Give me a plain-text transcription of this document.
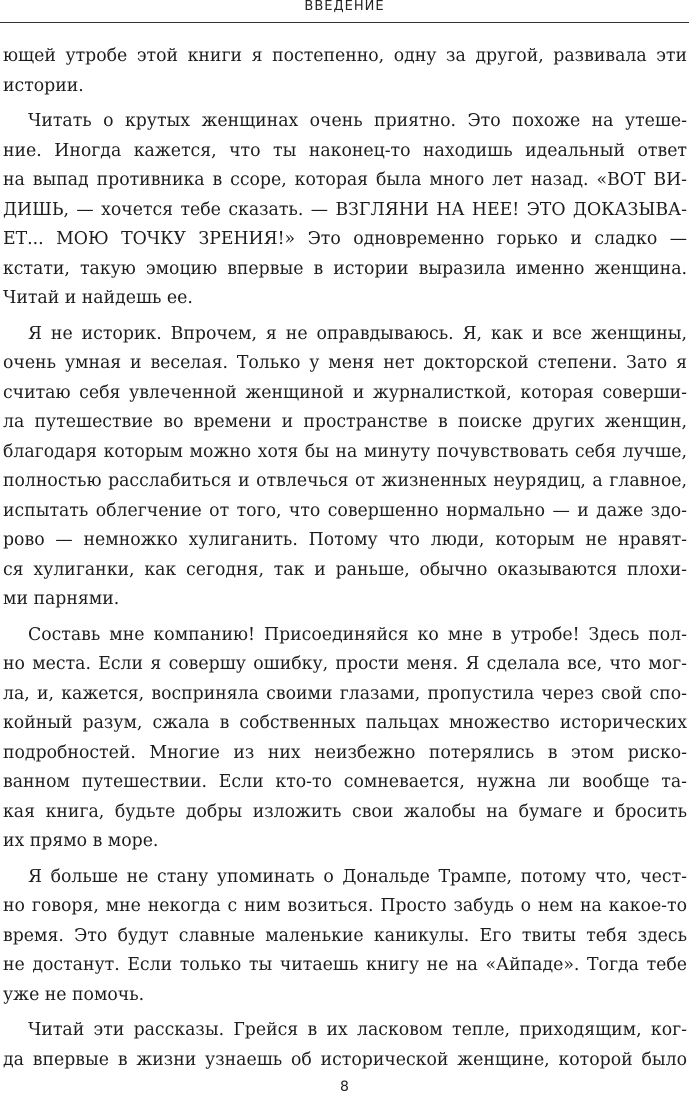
ВВЕДЕНИЕ
ющей утробе этой книги я постепенно, одну за другой, развивала эти
истории.
Читать о крутых женщинах очень приятно. Это похоже на утеше-
ние. Иногда кажется, что ты наконец-то находишь идеальный ответ
на выпад противника в ссоре, которая была много лет назад. «ВОТ ВИ-
ДИШЬ, — хочется тебе сказать. — ВЗГЛЯНИ НА НЕЕ! ЭТО ДОКАЗЫВА-
ЕТ... МОЮ ТОЧКУ ЗРЕНИЯ!» Это одновременно горько и сладко —
кстати, такую эмоцию впервые в истории выразила именно женщина.
Читай и найдешь ее.
Я не историк. Впрочем, я не оправдываюсь. Я, как и все женщины,
очень умная и веселая. Только у меня нет докторской степени. Зато я
считаю себя увлеченной женщиной и журналисткой, которая соверши-
ла путешествие во времени и пространстве в поиске других женщин,
благодаря которым можно хотя бы на минуту почувствовать себя лучше,
полностью расслабиться и отвлечься от жизненных неурядиц, а главное,
испытать облегчение от того, что совершенно нормально — и даже здо-
рово — немножко хулиганить. Потому что люди, которым не нравят-
ся хулиганки, как сегодня, так и раньше, обычно оказываются плохи-
ми парнями.
Составь мне компанию! Присоединяйся ко мне в утробе! Здесь пол-
но места. Если я совершу ошибку, прости меня. Я сделала все, что мог-
ла, и, кажется, восприняла своими глазами, пропустила через свой спо-
койный разум, сжала в собственных пальцах множество исторических
подробностей. Многие из них неизбежно потерялись в этом риско-
ванном путешествии. Если кто-то сомневается, нужна ли вообще та-
кая книга, будьте добры изложить свои жалобы на бумаге и бросить
их прямо в море.
Я больше не стану упоминать о Дональде Трампе, потому что, чест-
но говоря, мне некогда с ним возиться. Просто забудь о нем на какое-то
время. Это будут славные маленькие каникулы. Его твиты тебя здесь
не достанут. Если только ты читаешь книгу не на «Айпаде». Тогда тебе
уже не помочь.
Читай эти рассказы. Грейся в их ласковом тепле, приходящим, ког-
да впервые в жизни узнаешь об исторической женщине, которой было
8
